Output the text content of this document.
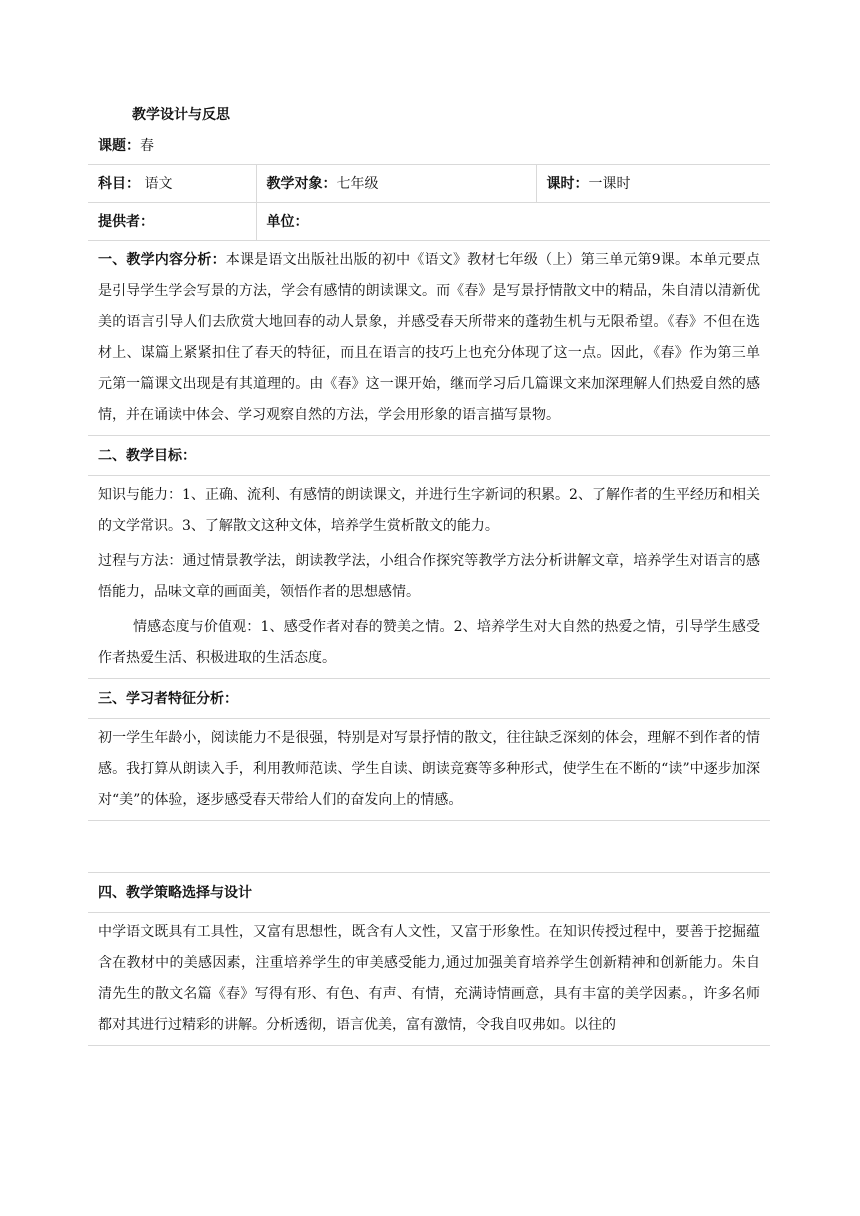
教学设计与反思
课题：春		
科目： 语文	教学对象：七年级	课时：一课时
提供者：	单位：	

一、教学内容分析：本课是语文出版社出版的初中《语文》教材七年级（上）第三单元第9课。本单元要点是引导学生学会写景的方法，学会有感情的朗读课文。而《春》是写景抒情散文中的精品，朱自清以清新优美的语言引导人们去欣赏大地回春的动人景象，并感受春天所带来的蓬勃生机与无限希望。《春》不但在选材上、谋篇上紧紧扣住了春天的特征，而且在语言的技巧上也充分体现了这一点。因此，《春》作为第三单元第一篇课文出现是有其道理的。由《春》这一课开始，继而学习后几篇课文来加深理解人们热爱自然的感情，并在诵读中体会、学习观察自然的方法，学会用形象的语言描写景物。		

二、教学目标：		

知识与能力：1、正确、流利、有感情的朗读课文，并进行生字新词的积累。2、了解作者的生平经历和相关的文学常识。3、了解散文这种文体，培养学生赏析散文的能力。

过程与方法：通过情景教学法，朗读教学法，小组合作探究等教学方法分析讲解文章，培养学生对语言的感悟能力，品味文章的画面美，领悟作者的思想感情。

情感态度与价值观：1、感受作者对春的赞美之情。2、培养学生对大自然的热爱之情，引导学生感受作者热爱生活、积极进取的生活态度。		

三、学习者特征分析：		

初一学生年龄小，阅读能力不是很强，特别是对写景抒情的散文，往往缺乏深刻的体会，理解不到作者的情感。我打算从朗读入手，利用教师范读、学生自读、朗读竞赛等多种形式，使学生在不断的“读”中逐步加深对“美”的体验，逐步感受春天带给人们的奋发向上的情感。		

四、教学策略选择与设计		

中学语文既具有工具性，又富有思想性，既含有人文性，又富于形象性。在知识传授过程中，要善于挖掘蕴含在教材中的美感因素，注重培养学生的审美感受能力,通过加强美育培养学生创新精神和创新能力。朱自清先生的散文名篇《春》写得有形、有色、有声、有情，充满诗情画意，具有丰富的美学因素。，许多名师都对其进行过精彩的讲解。分析透彻，语言优美，富有激情，令我自叹弗如。以往的		
